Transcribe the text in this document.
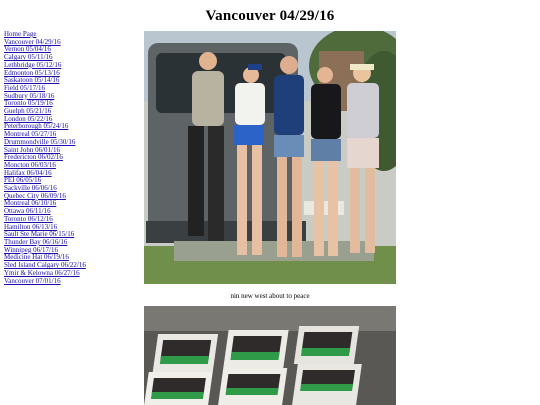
Vancouver 04/29/16
Home Page
Vancouver 04/29/16
Vernon 05/04/16
Calgary 05/11/16
Lethbridge 05/12/16
Edmonton 05/13/16
Saskatoon 05/14/16
Field 05/17/16
Sudbury 05/18/16
Toronto 05/19/16
Guelph 05/21/16
London 05/22/16
Peterborough 05/24/16
Montreal 05/27/16
Drummondville 05/30/16
Saint John 06/01/16
Fredericton 06/02/16
Moncton 06/03/16
Halifax 06/04/16
PEI 06/05/16
Sackville 06/06/16
Quebec City 06/09/16
Montreal 06/10/16
Ottawa 06/11/16
Toronto 06/12/16
Hamilton 06/13/16
Sault Ste Marie 06/15/16
Thunder Bay 06/16/16
Winnipeg 06/17/16
Medicine Hat 06/19/16
Sled Island Calgary 06/22/16
Ymir & Kelowna 06/27/16
Vancouver 07/01/16
nin new west about to peace
